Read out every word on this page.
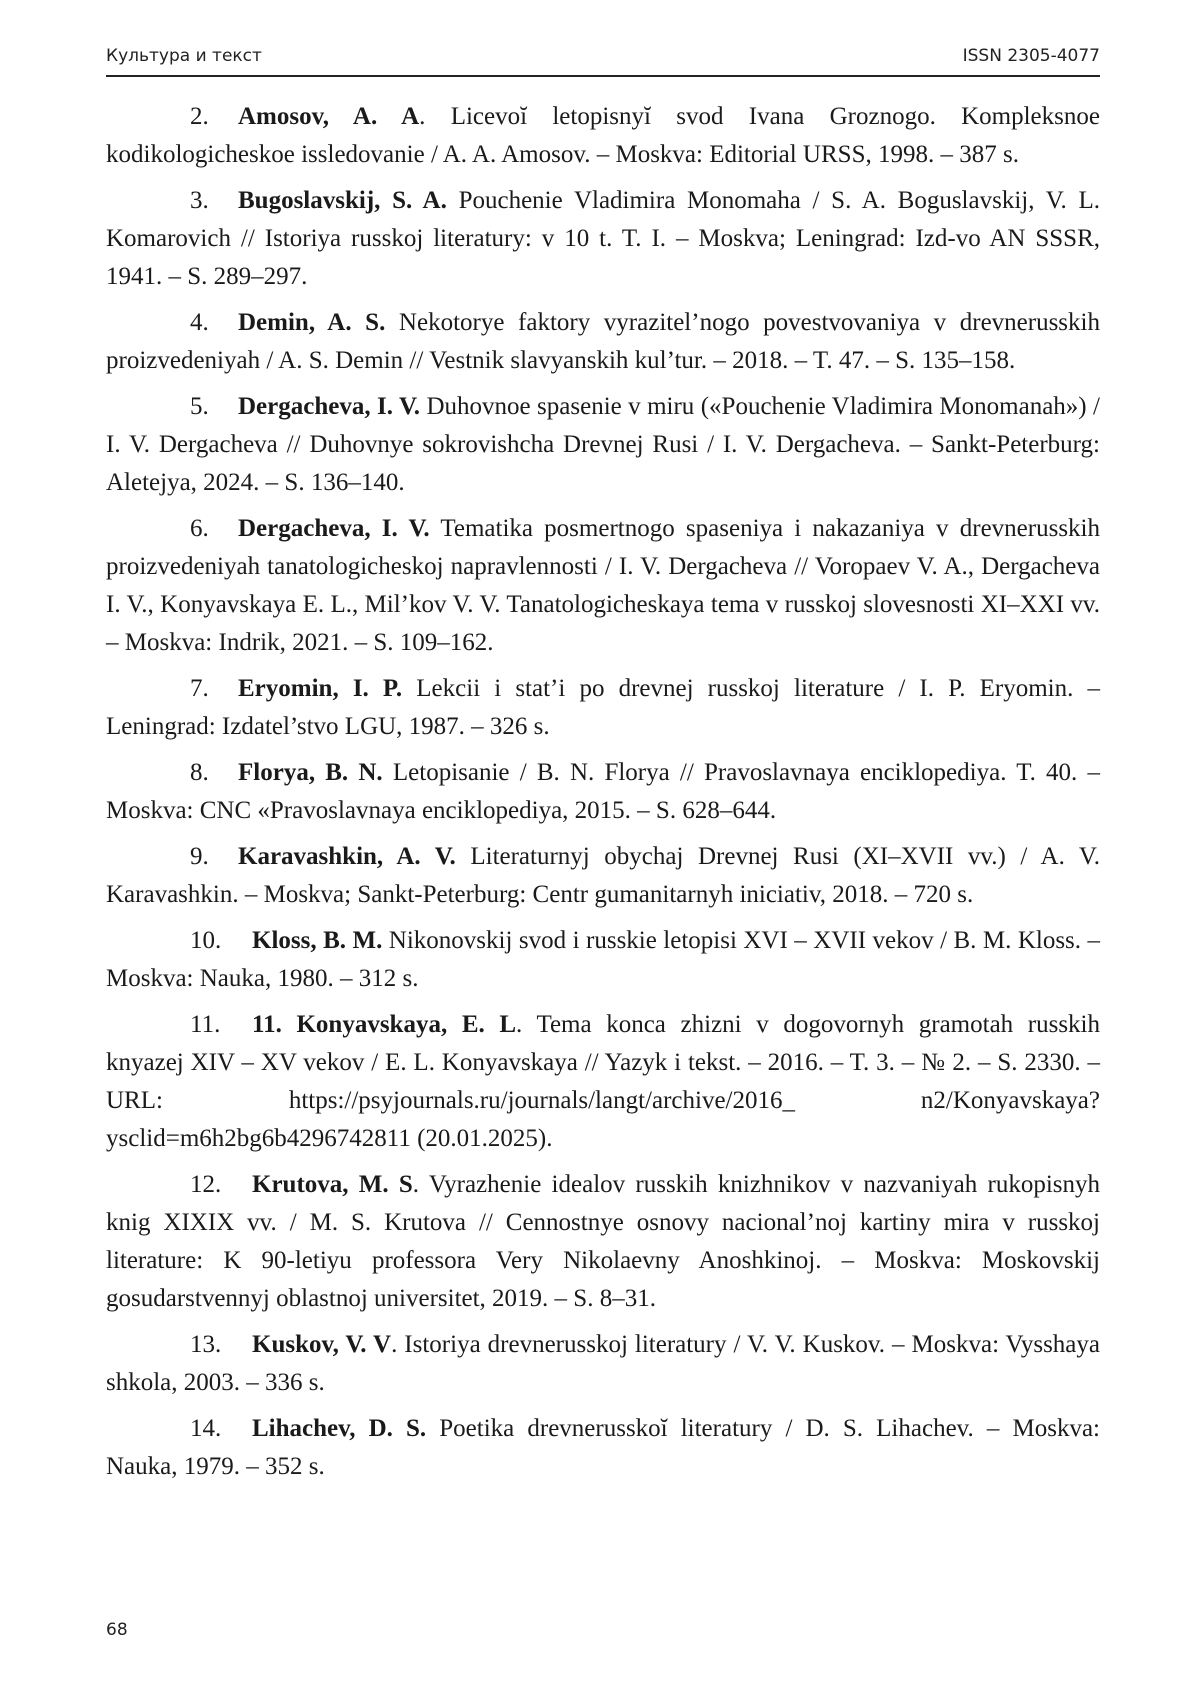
Культура и текст	ISSN 2305-4077
2. Amosov, A. A. Licevoĭ letopisnyĭ svod Ivana Groznogo. Kompleksnoe kodikologicheskoe issledovanie / A. A. Amosov. – Moskva: Editorial URSS, 1998. – 387 s.
3. Bugoslavskij, S. A. Pouchenie Vladimira Monomaha / S. A. Boguslavskij, V. L. Komarovich // Istoriya russkoj literatury: v 10 t. T. I. – Moskva; Leningrad: Izd-vo AN SSSR, 1941. – S. 289–297.
4. Demin, A. S. Nekotorye faktory vyrazitel’nogo povestvovaniya v drevnerusskih proizvedeniyah / A. S. Demin // Vestnik slavyanskih kul’tur. – 2018. – T. 47. – S. 135–158.
5. Dergacheva, I. V. Duhovnoe spasenie v miru («Pouchenie Vladimira Monomanah») / I. V. Dergacheva // Duhovnye sokrovishcha Drevnej Rusi / I. V. Dergacheva. – Sankt-Peterburg: Aletejya, 2024. – S. 136–140.
6. Dergacheva, I. V. Tematika posmertnogo spaseniya i nakazaniya v drevnerusskih proizvedeniyah tanatologicheskoj napravlennosti / I. V. Dergacheva // Voropaev V. A., Dergacheva I. V., Konyavskaya E. L., Mil’kov V. V. Tanatologicheskaya tema v russkoj slovesnosti XI–XXI vv. – Moskva: Indrik, 2021. – S. 109–162.
7. Eryomin, I. P. Lekcii i stat’i po drevnej russkoj literature / I. P. Eryomin. – Leningrad: Izdatel’stvo LGU, 1987. – 326 s.
8. Florya, B. N. Letopisanie / B. N. Florya // Pravoslavnaya enciklopediya. T. 40. – Moskva: CNC «Pravoslavnaya enciklopediya, 2015. – S. 628–644.
9. Karavashkin, A. V. Literaturnyj obychaj Drevnej Rusi (XI–XVII vv.) / A. V. Karavashkin. – Moskva; Sankt-Peterburg: Centr gumanitarnyh iniciativ, 2018. – 720 s.
10. Kloss, B. M. Nikonovskij svod i russkie letopisi XVI – XVII vekov / B. M. Kloss. – Moskva: Nauka, 1980. – 312 s.
11. 11. Konyavskaya, E. L. Tema konca zhizni v dogovornyh gramotah russkih knyazej XIV – XV vekov / E. L. Konyavskaya // Yazyk i tekst. – 2016. – T. 3. – № 2. – S. 2330. – URL: https://psyjournals.ru/journals/langt/archive/2016_ n2/Konyavskaya?ysclid=m6h2bg6b4296742811 (20.01.2025).
12. Krutova, M. S. Vyrazhenie idealov russkih knizhnikov v nazvaniyah rukopisnyh knig XIXIX vv. / M. S. Krutova // Cennostnye osnovy nacional’noj kartiny mira v russkoj literature: K 90-letiyu professora Very Nikolaevny Anoshkinoj. – Moskva: Moskovskij gosudarstvennyj oblastnoj universitet, 2019. – S. 8–31.
13. Kuskov, V. V. Istoriya drevnerusskoj literatury / V. V. Kuskov. – Moskva: Vysshaya shkola, 2003. – 336 s.
14. Lihachev, D. S. Poetika drevnerusskoĭ literatury / D. S. Lihachev. – Moskva: Nauka, 1979. – 352 s.
68
